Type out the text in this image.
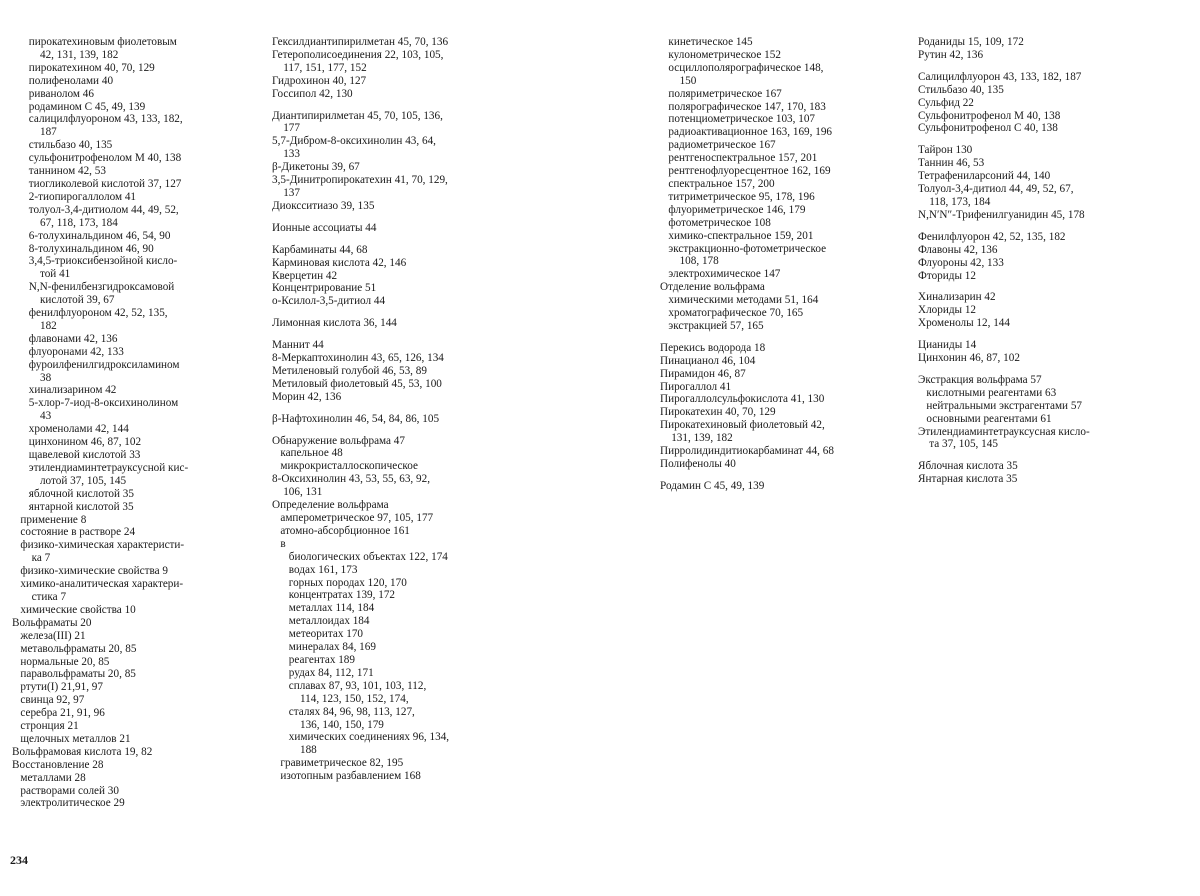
пирокатехиновым фиолетовым
42, 131, 139, 182
пирокатехином 40, 70, 129
полифенолами 40
риванолом 46
родамином С 45, 49, 139
салицилфлуороном 43, 133, 182,
187
стильбазо 40, 135
сульфонитрофенолом М 40, 138
таннином 42, 53
тиогликолевой кислотой 37, 127
2-тиопирогаллолом 41
толуол-3,4-дитиолом 44, 49, 52,
67, 118, 173, 184
6-толухинальдином 46, 54, 90
8-толухинальдином 46, 90
3,4,5-триоксибензойной кисло-
той 41
N,N-фенилбензгидроксамовой
кислотой 39, 67
фенилфлуороном 42, 52, 135,
182
флавонами 42, 136
флуоронами 42, 133
фуроилфенилгидроксиламином
38
хинализарином 42
5-хлор-7-иод-8-оксихинолином
43
хроменолами 42, 144
цинхонином 46, 87, 102
щавелевой кислотой 33
этилендиаминтетрауксусной кис-
лотой 37, 105, 145
яблочной кислотой 35
янтарной кислотой 35
применение 8
состояние в растворе 24
физико-химическая характеристи-
ка 7
физико-химические свойства 9
химико-аналитическая характери-
стика 7
химические свойства 10
Вольфраматы 20
железа(III) 21
метавольфраматы 20, 85
нормальные 20, 85
паравольфраматы 20, 85
ртути(I) 21,91, 97
свинца 92, 97
серебра 21, 91, 96
стронция 21
щелочных металлов 21
Вольфрамовая кислота 19, 82
Восстановление 28
металлами 28
растворами солей 30
электролитическое 29
Гексилдиантипирилметан 45, 70, 136
Гетерополисоединения 22, 103, 105,
117, 151, 177, 152
Гидрохинон 40, 127
Госсипол 42, 130
Диантипирилметан 45, 70, 105, 136,
177
5,7-Дибром-8-оксихинолин 43, 64,
133
β-Дикетоны 39, 67
3,5-Динитропирокатехин 41, 70, 129,
137
Диоксситиазо 39, 135
Ионные ассоциаты 44
Карбаминаты 44, 68
Карминовая кислота 42, 146
Кверцетин 42
Концентрирование 51
о-Ксилол-3,5-дитиол 44
Лимонная кислота 36, 144
Маннит 44
8-Меркаптохинолин 43, 65, 126, 134
Метиленовый голубой 46, 53, 89
Метиловый фиолетовый 45, 53, 100
Морин 42, 136
β-Нафтохинолин 46, 54, 84, 86, 105
Обнаружение вольфрама 47
капельное 48
микрокристаллоскопическое
8-Оксихинолин 43, 53, 55, 63, 92,
106, 131
Определение вольфрама
амперометрическое 97, 105, 177
атомно-абсорбционное 161
в
биологических объектах 122, 174
водах 161, 173
горных породах 120, 170
концентратах 139, 172
металлах 114, 184
металлоидах 184
метеоритах 170
минералах 84, 169
реагентах 189
рудах 84, 112, 171
сплавах 87, 93, 101, 103, 112,
114, 123, 150, 152, 174,
сталях 84, 96, 98, 113, 127,
136, 140, 150, 179
химических соединениях 96, 134,
188
гравиметрическое 82, 195
изотопным разбавлением 168
кинетическое 145
кулонометрическое 152
осциллополярографическое 148,
150
поляриметрическое 167
полярографическое 147, 170, 183
потенциометрическое 103, 107
радиоактивационное 163, 169, 196
радиометрическое 167
рентгеноспектральное 157, 201
рентгенофлуоресцентное 162, 169
спектральное 157, 200
титриметрическое 95, 178, 196
флуориметрическое 146, 179
фотометрическое 108
химико-спектральное 159, 201
экстракционно-фотометрическое
108, 178
электрохимическое 147
Отделение вольфрама
химическими методами 51, 164
хроматографическое 70, 165
экстракцией 57, 165
Перекись водорода 18
Пинацианол 46, 104
Пирамидон 46, 87
Пирогаллол 41
Пирогаллолсульфокислота 41, 130
Пирокатехин 40, 70, 129
Пирокатехиновый фиолетовый 42,
131, 139, 182
Пирролидиндитиокарбаминат 44, 68
Полифенолы 40
Родамин С 45, 49, 139
Роданиды 15, 109, 172
Рутин 42, 136
Салицилфлуорон 43, 133, 182, 187
Стильбазо 40, 135
Сульфид 22
Сульфонитрофенол М 40, 138
Сульфонитрофенол С 40, 138
Тайрон 130
Таннин 46, 53
Тетрафениларсоний 44, 140
Толуол-3,4-дитиол 44, 49, 52, 67,
118, 173, 184
N,N′N″-Трифенилгуанидин 45, 178
Фенилфлуорон 42, 52, 135, 182
Флавоны 42, 136
Флуороны 42, 133
Фториды 12
Хинализарин 42
Хлориды 12
Хроменолы 12, 144
Цианиды 14
Цинхонин 46, 87, 102
Экстракция вольфрама 57
кислотными реагентами 63
нейтральными экстрагентами 57
основными реагентами 61
Этилендиаминтетрауксусная кисло-
та 37, 105, 145
Яблочная кислота 35
Янтарная кислота 35
234
